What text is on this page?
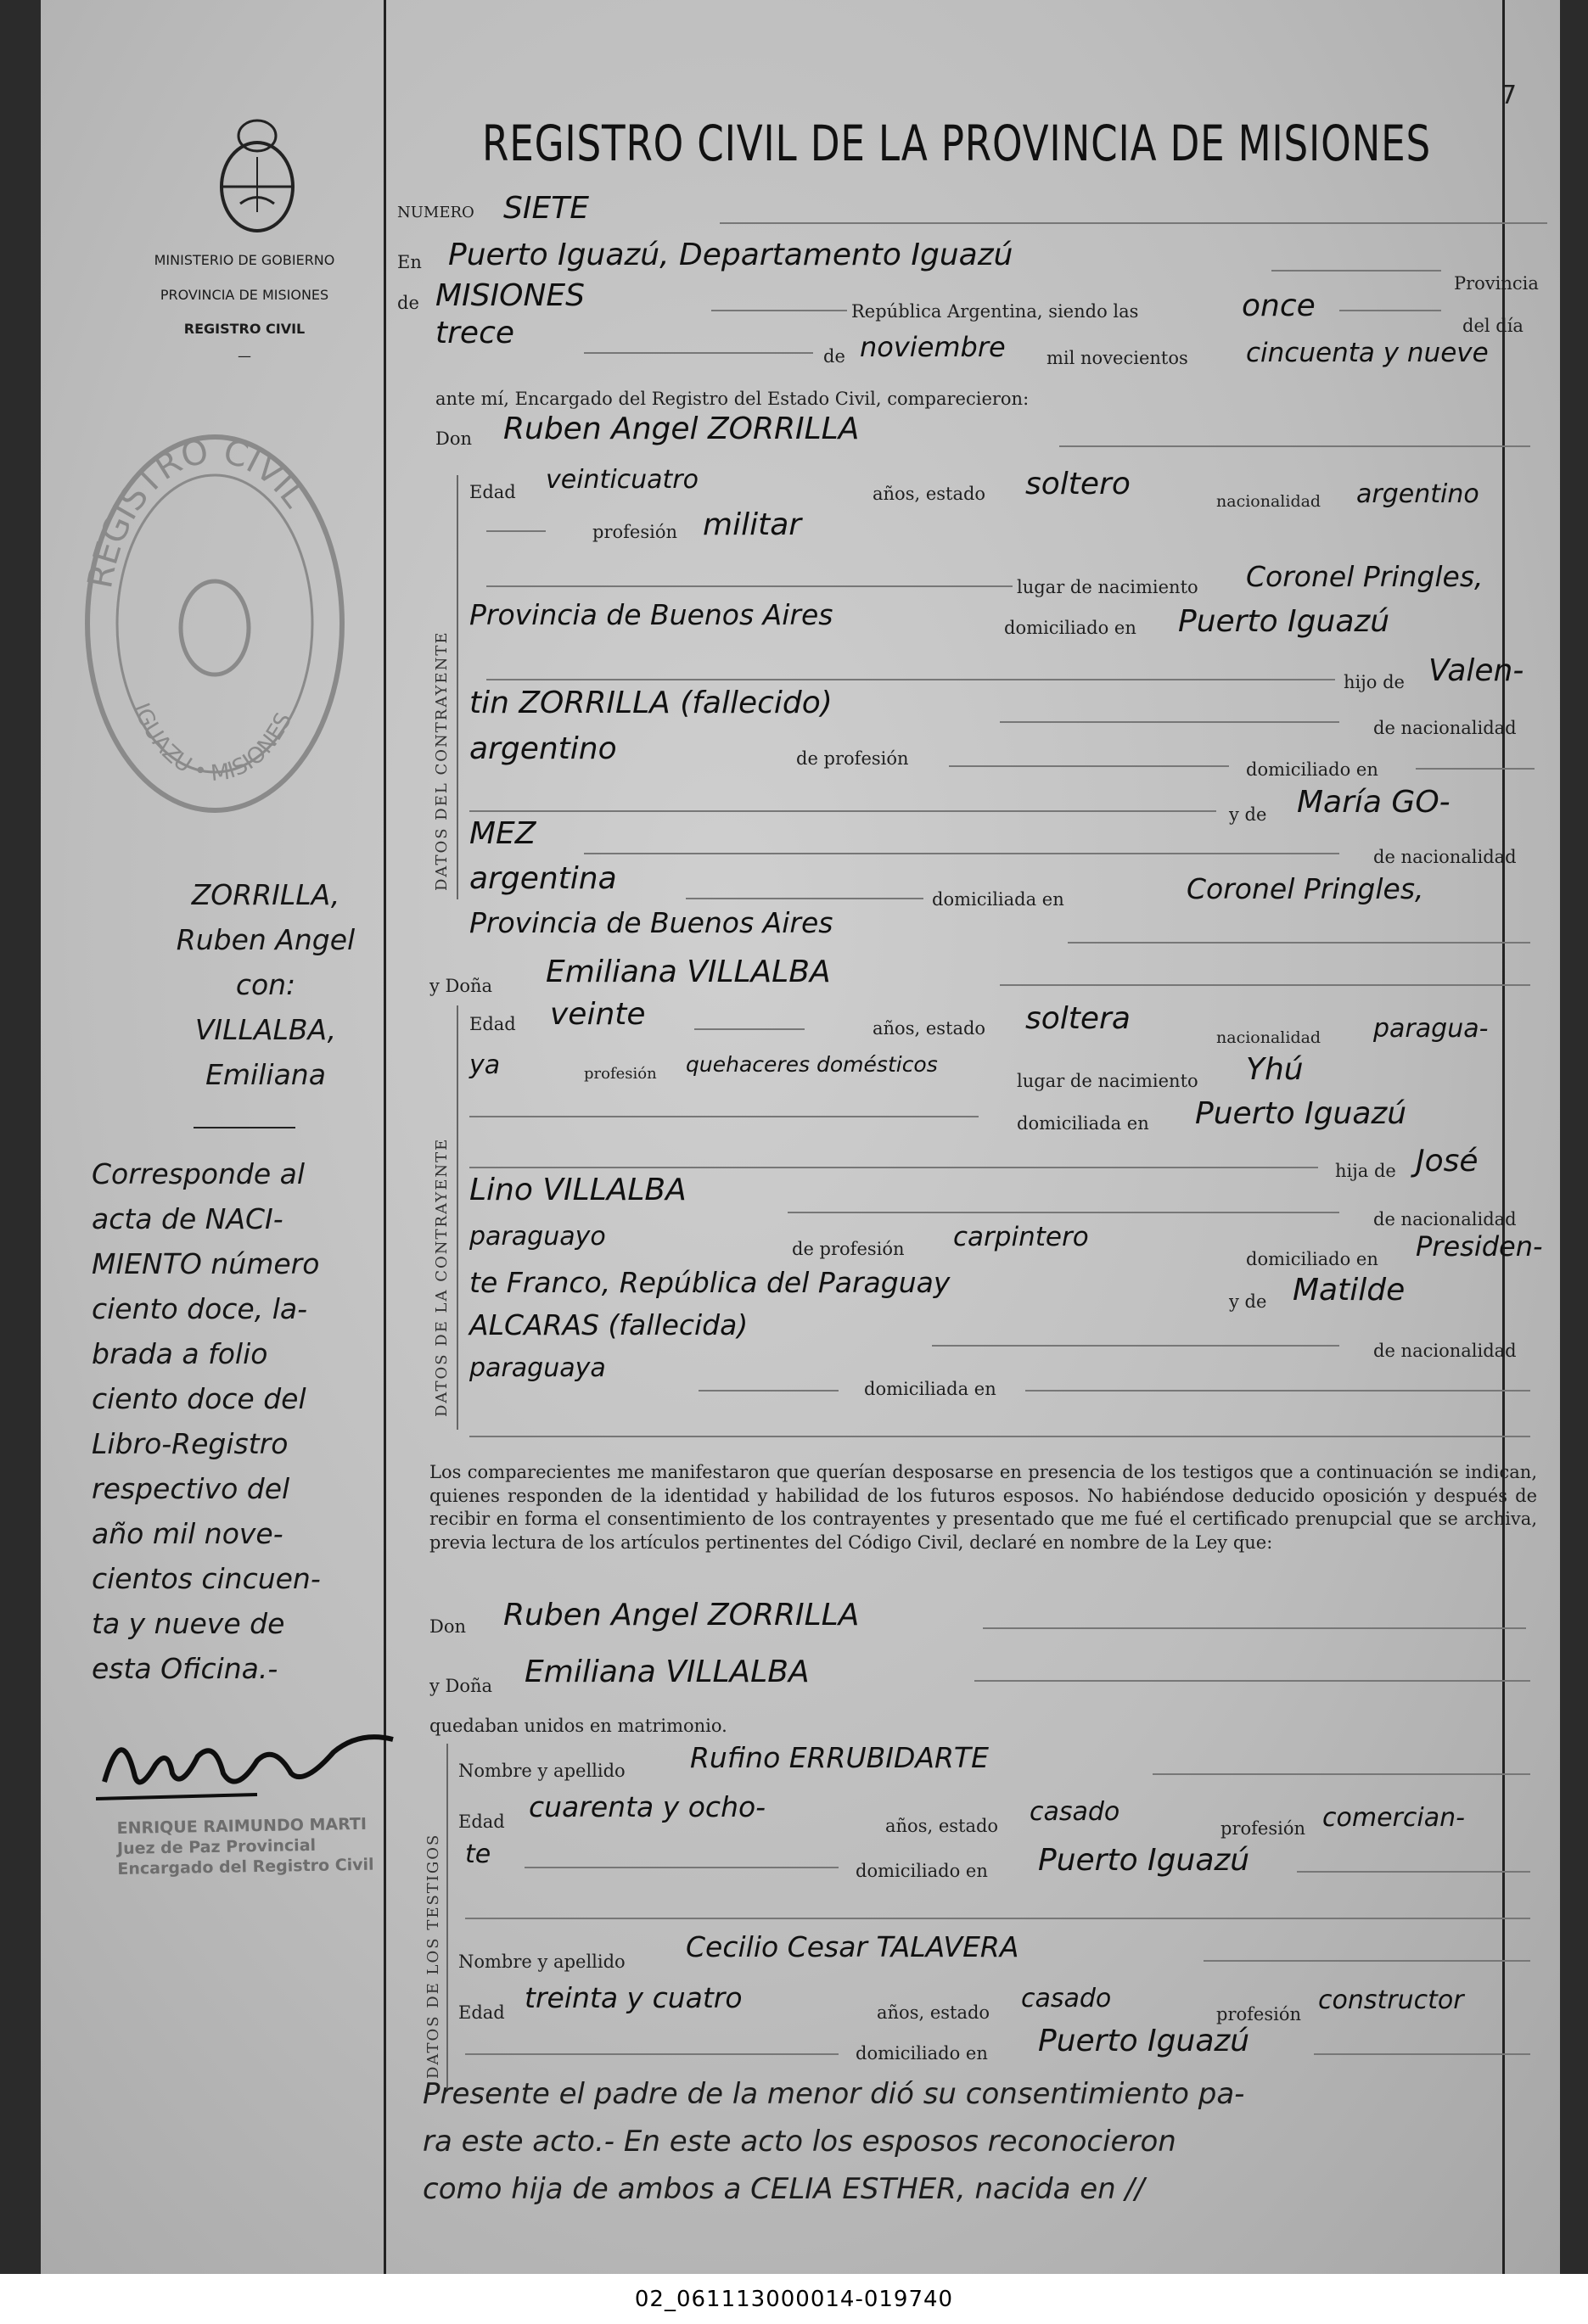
7
MINISTERIO DE GOBIERNO
PROVINCIA DE MISIONES
REGISTRO CIVIL
—
REGISTRO CIVIL
IGUAZU • MISIONES
ZORRILLA,
Ruben Angel
con:
VILLALBA,
Emiliana
Corresponde al
acta de NACI-
MIENTO número
ciento doce, la-
brada a folio
ciento doce del
Libro-Registro
respectivo del
año mil nove-
cientos cincuen-
ta y nueve de
esta Oficina.-
ENRIQUE RAIMUNDO MARTI
Juez de Paz Provincial
Encargado del Registro Civil
REGISTRO CIVIL DE LA PROVINCIA DE MISIONES
NUMERO SIETE
En Puerto Iguazú, Departamento Iguazú
Provincia
de MISIONES	República Argentina, siendo las	once
del día
trece
de noviembre mil novecientos cincuenta y nueve
ante mí, Encargado del Registro del Estado Civil, comparecieron:
Don Ruben Angel ZORRILLA
DATOS DEL CONTRAYENTE
Edad veinticuatro	años, estado soltero	nacionalidad argentino
profesión militar
lugar de nacimiento Coronel Pringles,
Provincia de Buenos Aires	domiciliado en Puerto Iguazú
hijo de Valen-
tin ZORRILLA (fallecido)
de nacionalidad
argentino	de profesión
domiciliado en
y de María GO-
MEZ
de nacionalidad
argentina
domiciliada en	Coronel Pringles,
Provincia de Buenos Aires
y Doña Emiliana VILLALBA
DATOS DE LA CONTRAYENTE
Edad veinte	años, estado soltera
nacionalidad paragua-
ya	profesión quehaceres domésticos
lugar de nacimiento Yhú
domiciliada en Puerto Iguazú
hija de José
Lino VILLALBA
de nacionalidad
paraguayo	de profesión carpintero
domiciliado en Presiden-
te Franco, República del Paraguay
y de Matilde
ALCARAS (fallecida)
de nacionalidad
paraguaya
domiciliada en
Los comparecientes me manifestaron que querían desposarse en presencia de los testigos que a continuación se indican, quienes responden de la identidad y habilidad de los futuros esposos. No habiéndose deducido oposición y después de recibir en forma el consentimiento de los contrayentes y presentado que me fué el certificado prenupcial que se archiva, previa lectura de los artículos pertinentes del Código Civil, declaré en nombre de la Ley que:
Don Ruben Angel ZORRILLA
y Doña Emiliana VILLALBA
quedaban unidos en matrimonio.
DATOS DE LOS TESTIGOS
Nombre y apellido Rufino ERRUBIDARTE
Edad cuarenta y ocho-
años, estado casado
profesión comercian-
te
domiciliado en Puerto Iguazú
Nombre y apellido Cecilio Cesar TALAVERA
Edad treinta y cuatro	años, estado casado
profesión constructor
domiciliado en Puerto Iguazú
Presente el padre de la menor dió su consentimiento pa-
ra este acto.- En este acto los esposos reconocieron
como hija de ambos a CELIA ESTHER, nacida en //
02_061113000014-019740
